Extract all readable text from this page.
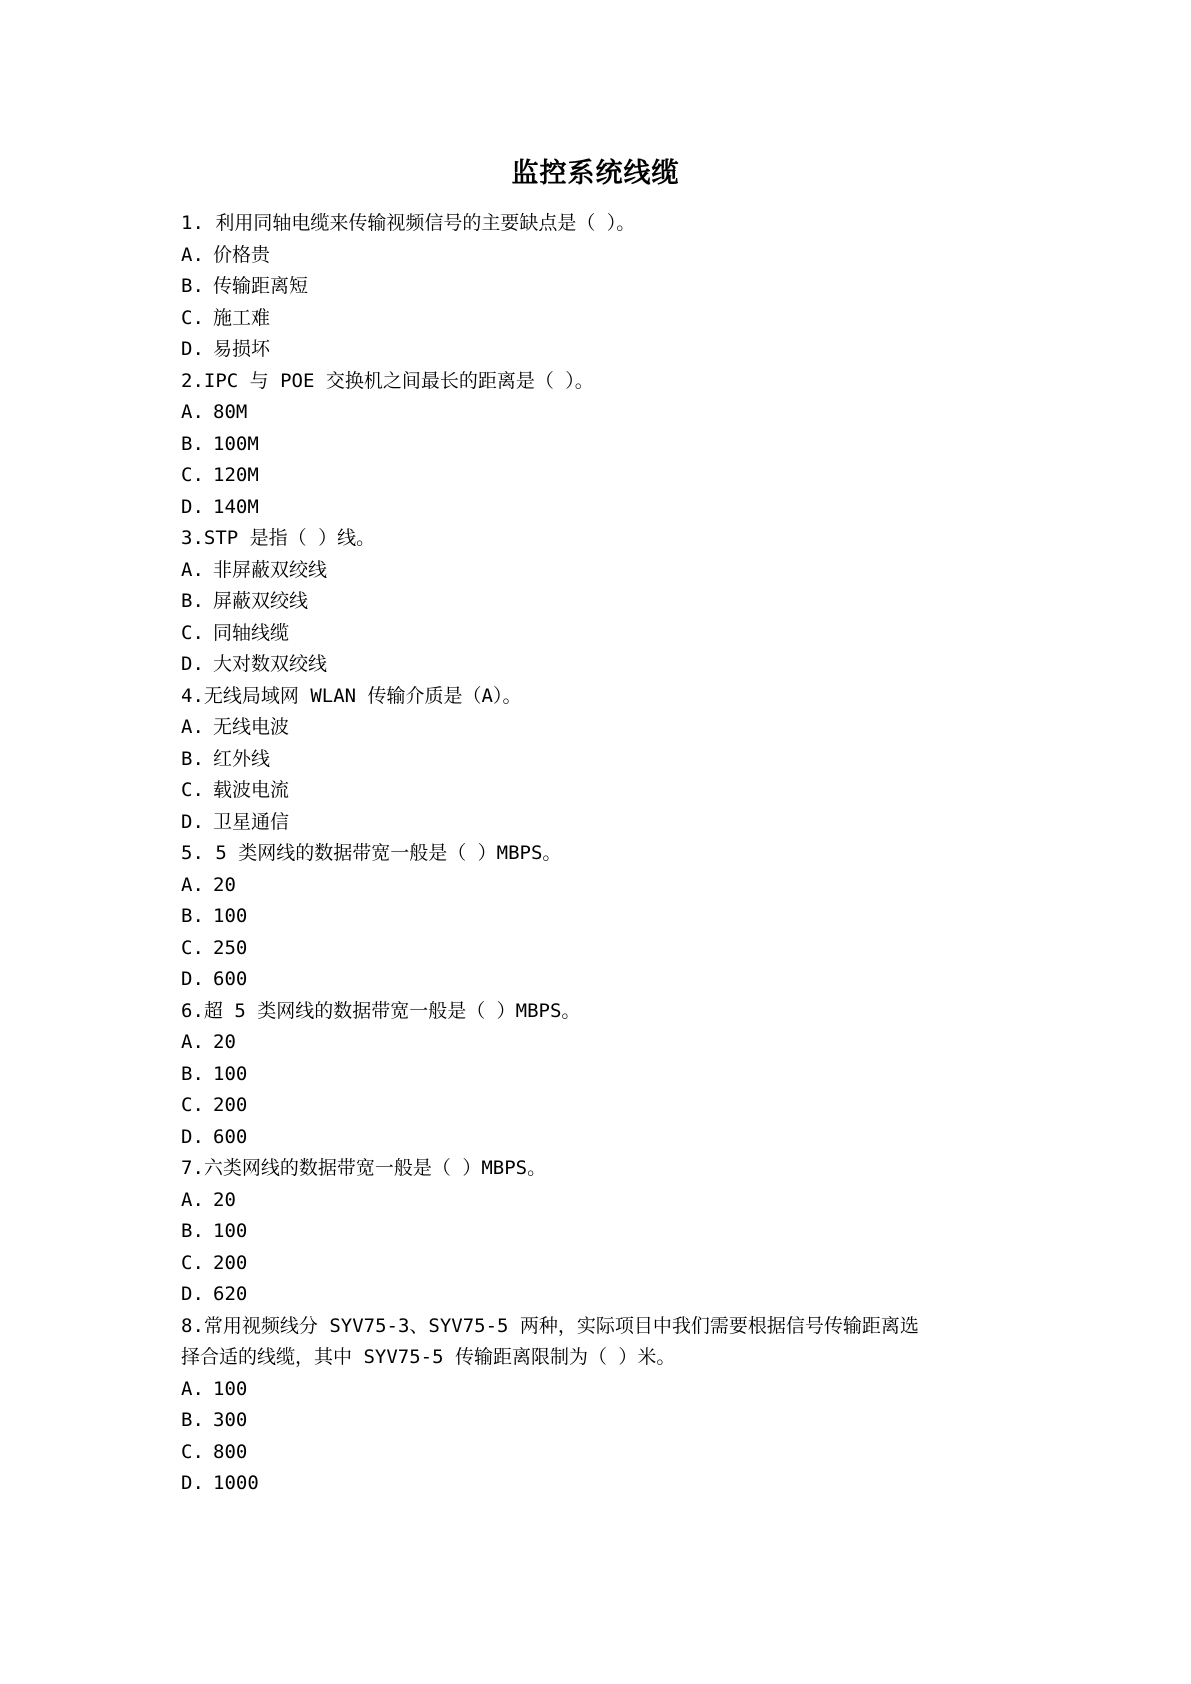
监控系统线缆
1. 利用同轴电缆来传输视频信号的主要缺点是（ ）。
A. 价格贵
B. 传输距离短
C. 施工难
D. 易损坏
2.IPC 与 POE 交换机之间最长的距离是（ ）。
A. 80M
B. 100M
C. 120M
D. 140M
3.STP 是指（ ）线。
A. 非屏蔽双绞线
B. 屏蔽双绞线
C. 同轴线缆
D. 大对数双绞线
4.无线局域网 WLAN 传输介质是（A）。
A. 无线电波
B. 红外线
C. 载波电流
D. 卫星通信
5. 5 类网线的数据带宽一般是（ ）MBPS。
A. 20
B. 100
C. 250
D. 600
6.超 5 类网线的数据带宽一般是（ ）MBPS。
A. 20
B. 100
C. 200
D. 600
7.六类网线的数据带宽一般是（ ）MBPS。
A. 20
B. 100
C. 200
D. 620
8.常用视频线分 SYV75-3、SYV75-5 两种，实际项目中我们需要根据信号传输距离选
择合适的线缆，其中 SYV75-5 传输距离限制为（ ）米。
A. 100
B. 300
C. 800
D. 1000
